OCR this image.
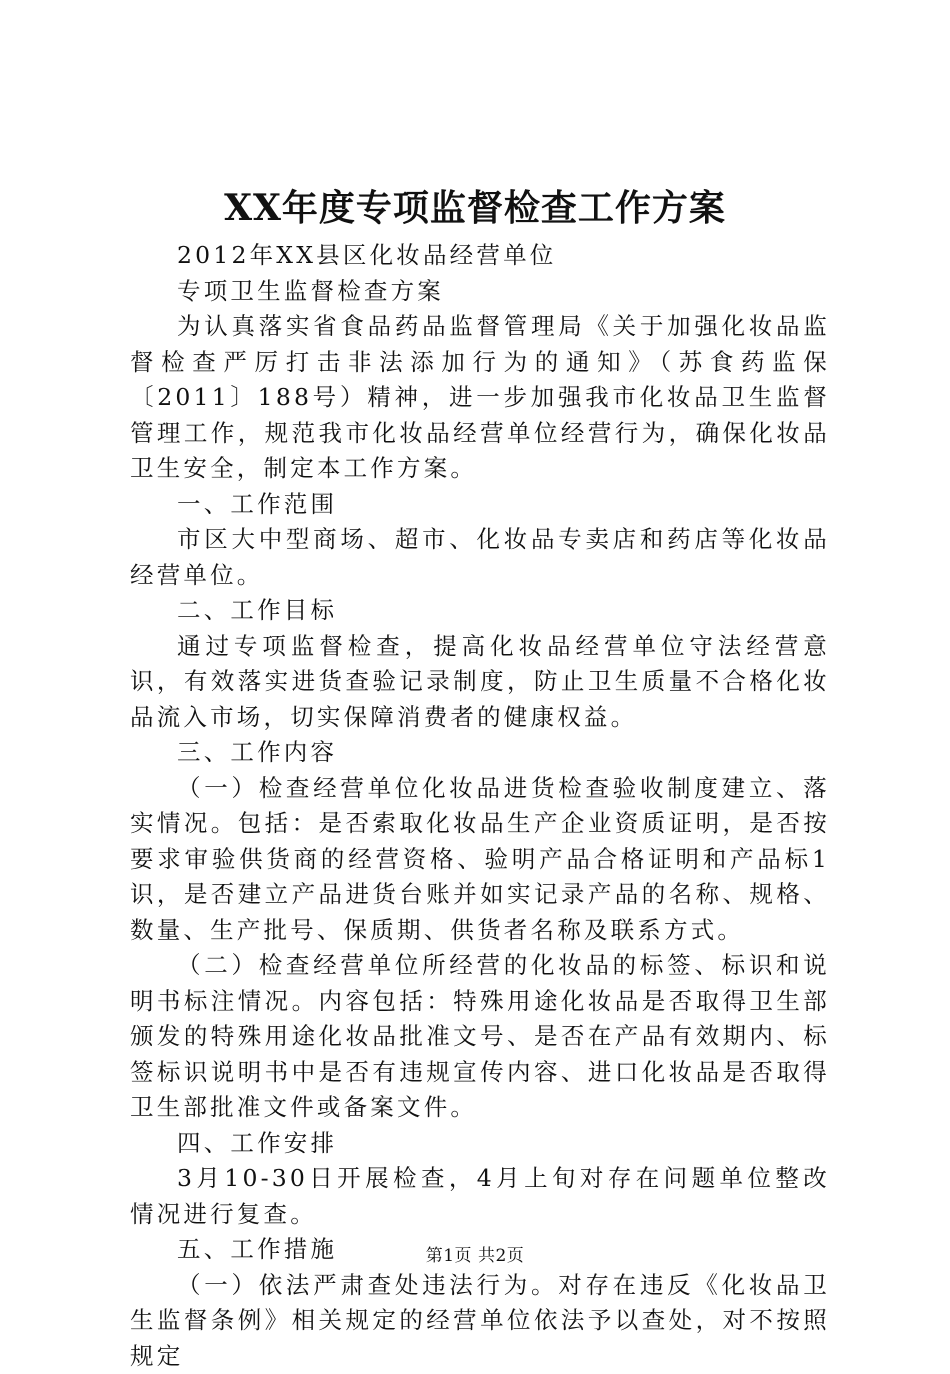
XX年度专项监督检查工作方案

2012年XX县区化妆品经营单位

专项卫生监督检查方案

为认真落实省食品药品监督管理局《关于加强化妆品监督检查严厉打击非法添加行为的通知》（苏食药监保〔2011〕188号）精神，进一步加强我市化妆品卫生监督管理工作，规范我市化妆品经营单位经营行为，确保化妆品卫生安全，制定本工作方案。

一、工作范围

市区大中型商场、超市、化妆品专卖店和药店等化妆品经营单位。

二、工作目标

通过专项监督检查，提高化妆品经营单位守法经营意识，有效落实进货查验记录制度，防止卫生质量不合格化妆品流入市场，切实保障消费者的健康权益。

三、工作内容

（一）检查经营单位化妆品进货检查验收制度建立、落实情况。包括：是否索取化妆品生产企业资质证明，是否按要求审验供货商的经营资格、验明产品合格证明和产品标1识，是否建立产品进货台账并如实记录产品的名称、规格、数量、生产批号、保质期、供货者名称及联系方式。

（二）检查经营单位所经营的化妆品的标签、标识和说明书标注情况。内容包括：特殊用途化妆品是否取得卫生部颁发的特殊用途化妆品批准文号、是否在产品有效期内、标签标识说明书中是否有违规宣传内容、进口化妆品是否取得卫生部批准文件或备案文件。

四、工作安排

3月10-30日开展检查，4月上旬对存在问题单位整改情况进行复查。

五、工作措施

（一）依法严肃查处违法行为。对存在违反《化妆品卫生监督条例》相关规定的经营单位依法予以查处，对不按照规定

第1页 共2页
